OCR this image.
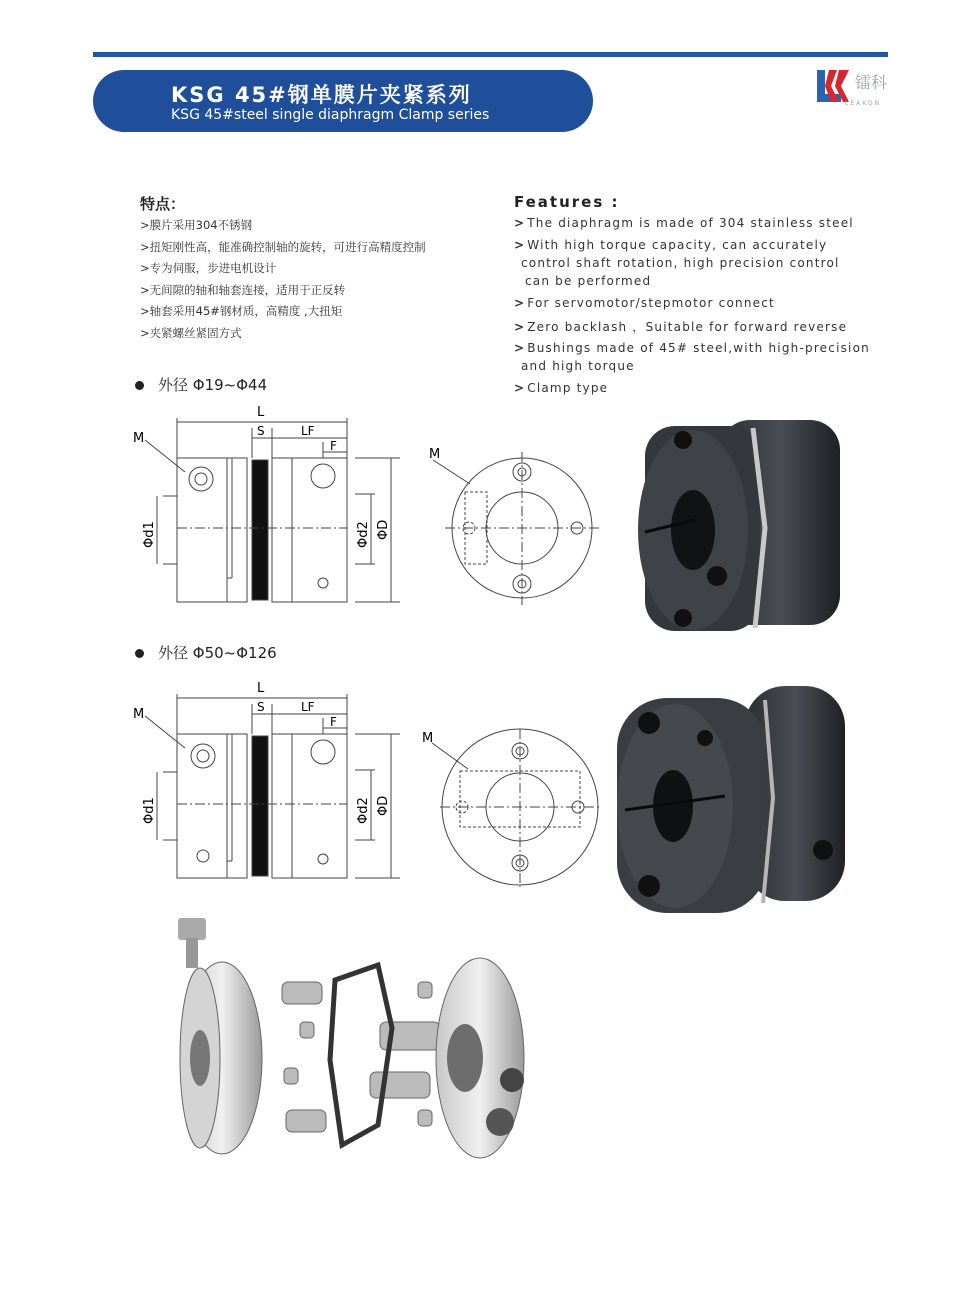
KSG 45#钢单膜片夹紧系列
KSG 45#steel single diaphragm Clamp series
镭科
LEAKON
特点：
>膜片采用304不锈钢
>扭矩刚性高，能准确控制轴的旋转，可进行高精度控制
>专为伺服，步进电机设计
>无间隙的轴和轴套连接，适用于正反转
>轴套采用45#钢材质，高精度 ,大扭矩
>夹紧螺丝紧固方式
Features :
> The diaphragm is made of 304 stainless steel
> With high torque capacity, can accurately
control shaft rotation, high precision control
can be performed
> For servomotor/stepmotor connect
> Zero backlash ，Suitable for forward reverse
> Bushings made of 45# steel,with high-precision
and high torque
> Clamp type
外径 Φ19~Φ44
外径 Φ50~Φ126
L
S	LF
F
M
Φd1	Φd2 ΦD
M
L
S	LF
F
M
Φd1	Φd2 ΦD
M
